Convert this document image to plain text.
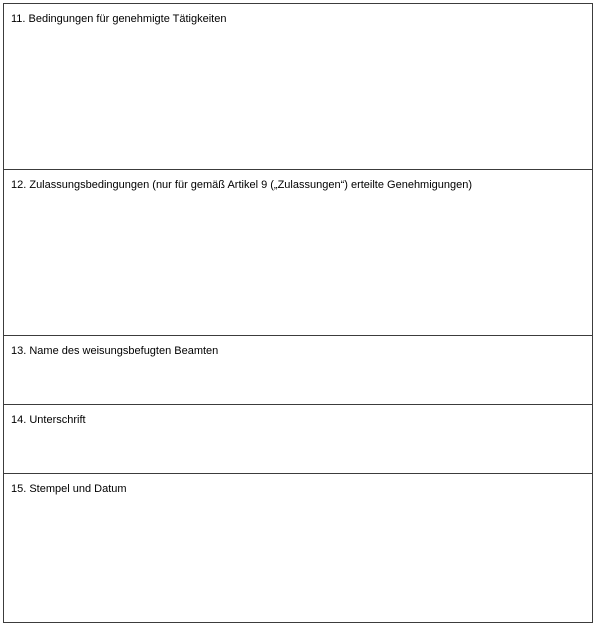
11. Bedingungen für genehmigte Tätigkeiten
12. Zulassungsbedingungen (nur für gemäß Artikel 9 („Zulassungen“) erteilte Genehmigungen)
13. Name des weisungsbefugten Beamten
14. Unterschrift
15. Stempel und Datum
